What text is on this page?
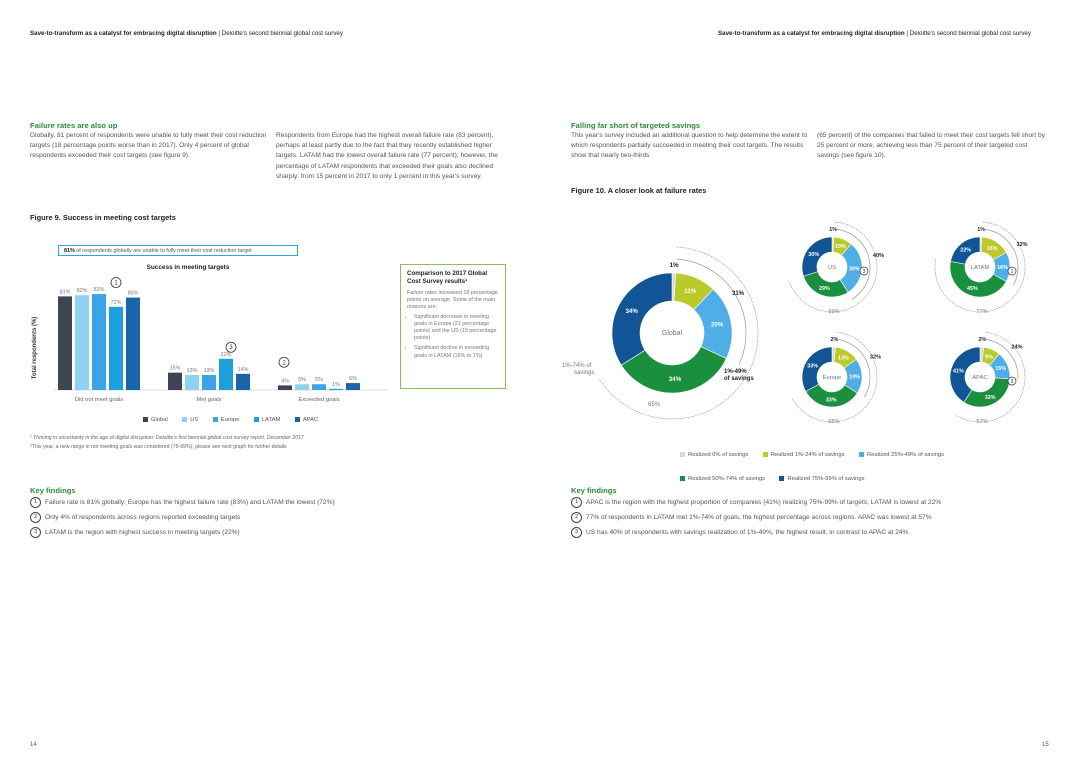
Save-to-transform as a catalyst for embracing digital disruption | Deloitte's second biennial global cost survey	Save-to-transform as a catalyst for embracing digital disruption | Deloitte's second biennial global cost survey
Failure rates are also up
Globally, 81 percent of respondents were unable to fully meet their cost reduction targets (18 percentage points worse than in 2017). Only 4 percent of global respondents exceeded their cost targets (see figure 9).
Respondents from Europe had the highest overall failure rate (83 percent), perhaps at least partly due to the fact that they recently established higher targets. LATAM had the lowest overall failure rate (77 percent); however, the percentage of LATAM respondents that exceeded their goals also declined sharply: from 15 percent in 2017 to only 1 percent in this year's survey.
Figure 9. Success in meeting cost targets
81% of respondents globally are unable to fully meet their cost reduction target
Success in meeting targets
Total respondents (%)
81% 82% 83%
72%
80%
Did not meet goals
15% 13% 13%
22%
14%
Met goals
4% 5% 5%
1%
6%
Exceeded goals
1
2
3
Global
	US
	Europe
	LATAM
	APAC
Comparison to 2017 Global Cost Survey results¹
Failure rates increased 18 percentage points on average. Some of the main reasons are:
• Significant decrease in meeting goals in Europe (21 percentage points) and the US (15 percentage points)
• Significant decline in exceeding goals in LATAM (16% to 1%)
¹ Thriving in uncertainty in the age of digital disruption: Deloitte's first biennial global cost survey report, December 2017
²This year, a new range in not meeting goals was considered (75-99%); please see next graph for further details
Key findings
1	Failure rate is 81% globally; Europe has the highest failure rate (83%) and LATAM the lowest (72%)
2	Only 4% of respondents across regions reported exceeding targets
3	LATAM is the region with highest success in meeting targets (22%)
14
Falling far short of targeted savings
This year's survey included an additional question to help determine the extent to which respondents partially succeeded in meeting their cost targets. The results show that nearly two-thirds
(65 percent) of the companies that failed to meet their cost targets fell short by 25 percent or more, achieving less than 75 percent of their targeted cost savings (see figure 10).
Figure 10. A closer look at failure rates
1%
11%
20%
34%
34%
Global
31%
1%-49%
of savings
1%-74% of
savings
65%
1%
10%
30%
29%
30%
US
40%
69%
3
1%
16%
16%
45%
22%
LATAM
32%
77%
1
2%
13%
19%
33%
33%
Europe
32%
65%
2%
9%
15%
33%
41%
APAC
24%
57%
3
Realized 0% of savings
	Realized 1%-24% of savings
	Realized 25%-49% of savings
Realized 50%-74% of savings
	Realized 75%-99% of savings
Key findings
1	APAC is the region with the highest proportion of companies (41%) realizing 75%-99% of targets; LATAM is lowest at 22%
2	77% of respondents in LATAM met 1%-74% of goals, the highest percentage across regions. APAC was lowest at 57%
3	US has 40% of respondents with savings realization of 1%-49%, the highest result, in contrast to APAC at 24%
15
